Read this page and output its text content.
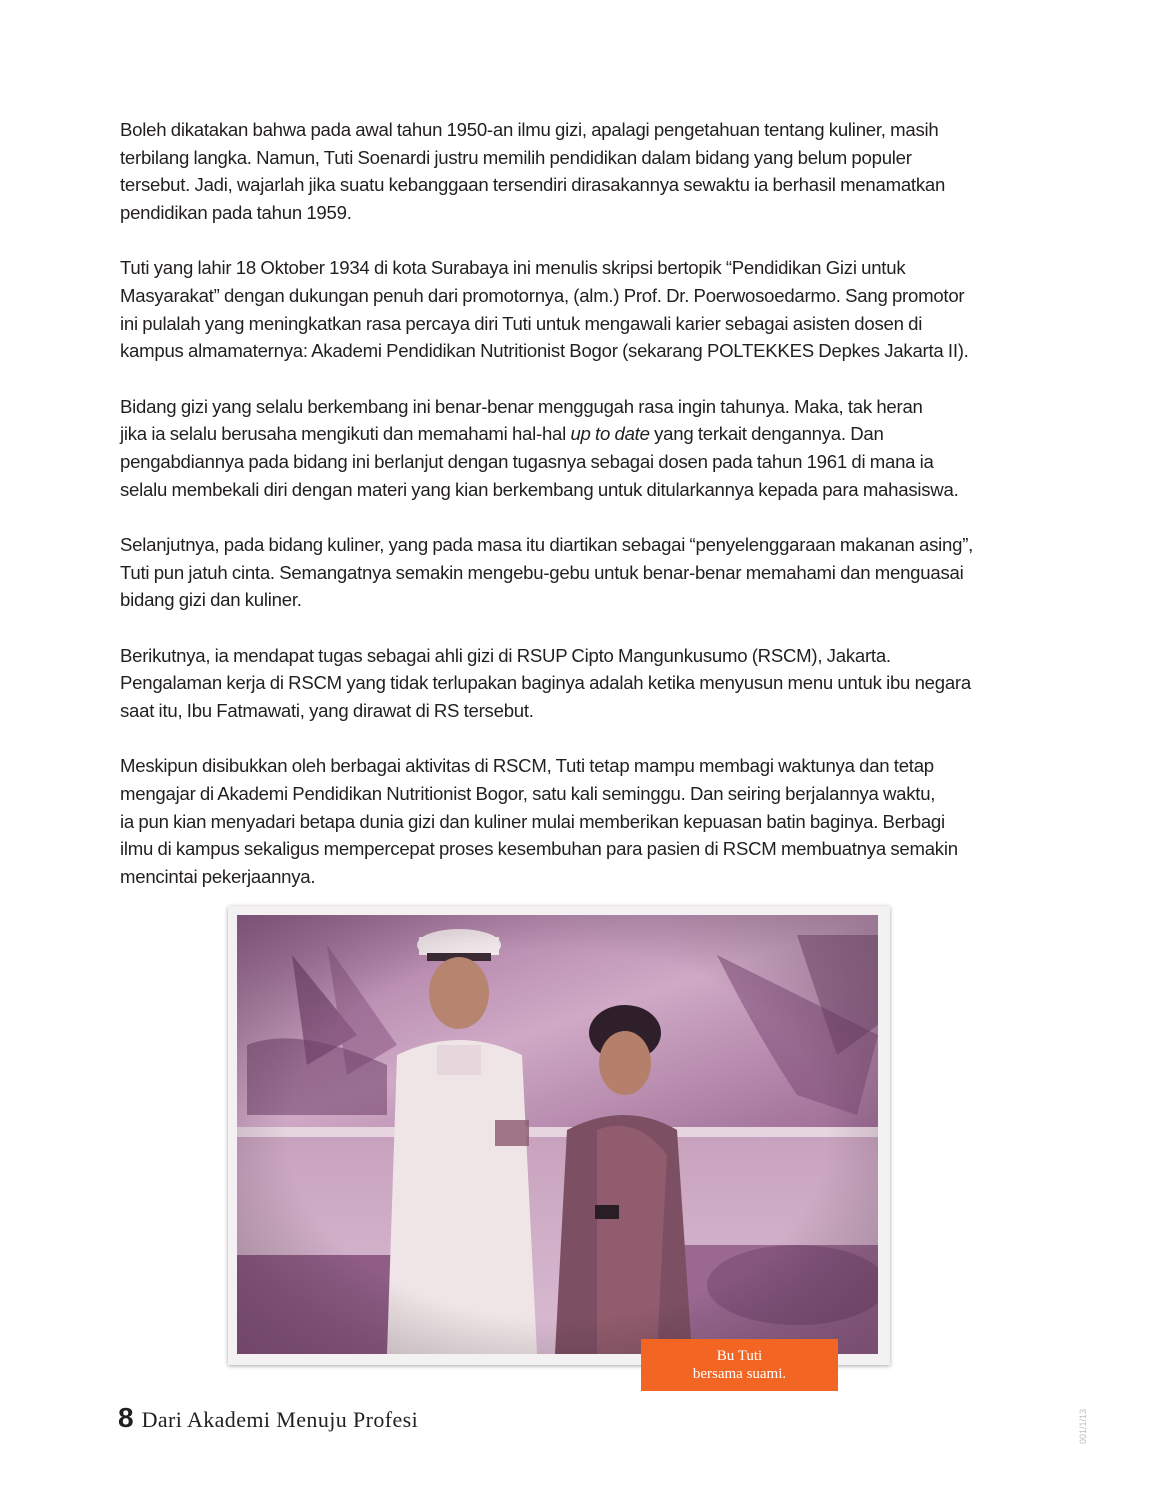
Boleh dikatakan bahwa pada awal tahun 1950-an ilmu gizi, apalagi pengetahuan tentang kuliner, masih
terbilang langka. Namun, Tuti Soenardi justru memilih pendidikan dalam bidang yang belum populer
tersebut. Jadi, wajarlah jika suatu kebanggaan tersendiri dirasakannya sewaktu ia berhasil menamatkan
pendidikan pada tahun 1959.

Tuti yang lahir 18 Oktober 1934 di kota Surabaya ini menulis skripsi bertopik “Pendidikan Gizi untuk
Masyarakat” dengan dukungan penuh dari promotornya, (alm.) Prof. Dr. Poerwosoedarmo. Sang promotor
ini pulalah yang meningkatkan rasa percaya diri Tuti untuk mengawali karier sebagai asisten dosen di
kampus almamaternya: Akademi Pendidikan Nutritionist Bogor (sekarang POLTEKKES Depkes Jakarta II).

Bidang gizi yang selalu berkembang ini benar-benar menggugah rasa ingin tahunya. Maka, tak heran
jika ia selalu berusaha mengikuti dan memahami hal-hal up to date yang terkait dengannya. Dan
pengabdiannya pada bidang ini berlanjut dengan tugasnya sebagai dosen pada tahun 1961 di mana ia
selalu membekali diri dengan materi yang kian berkembang untuk ditularkannya kepada para mahasiswa.

Selanjutnya, pada bidang kuliner, yang pada masa itu diartikan sebagai “penyelenggaraan makanan asing”,
Tuti pun jatuh cinta. Semangatnya semakin mengebu-gebu untuk benar-benar memahami dan menguasai
bidang gizi dan kuliner.

Berikutnya, ia mendapat tugas sebagai ahli gizi di RSUP Cipto Mangunkusumo (RSCM), Jakarta.
Pengalaman kerja di RSCM yang tidak terlupakan baginya adalah ketika menyusun menu untuk ibu negara
saat itu, Ibu Fatmawati, yang dirawat di RS tersebut.

Meskipun disibukkan oleh berbagai aktivitas di RSCM, Tuti tetap mampu membagi waktunya dan tetap
mengajar di Akademi Pendidikan Nutritionist Bogor, satu kali seminggu. Dan seiring berjalannya waktu,
ia pun kian menyadari betapa dunia gizi dan kuliner mulai memberikan kepuasan batin baginya. Berbagi
ilmu di kampus sekaligus mempercepat proses kesembuhan para pasien di RSCM membuatnya semakin
mencintai pekerjaannya.

Bu Tuti
bersama suami.
8 Dari Akademi Menuju Profesi	001/1/13
